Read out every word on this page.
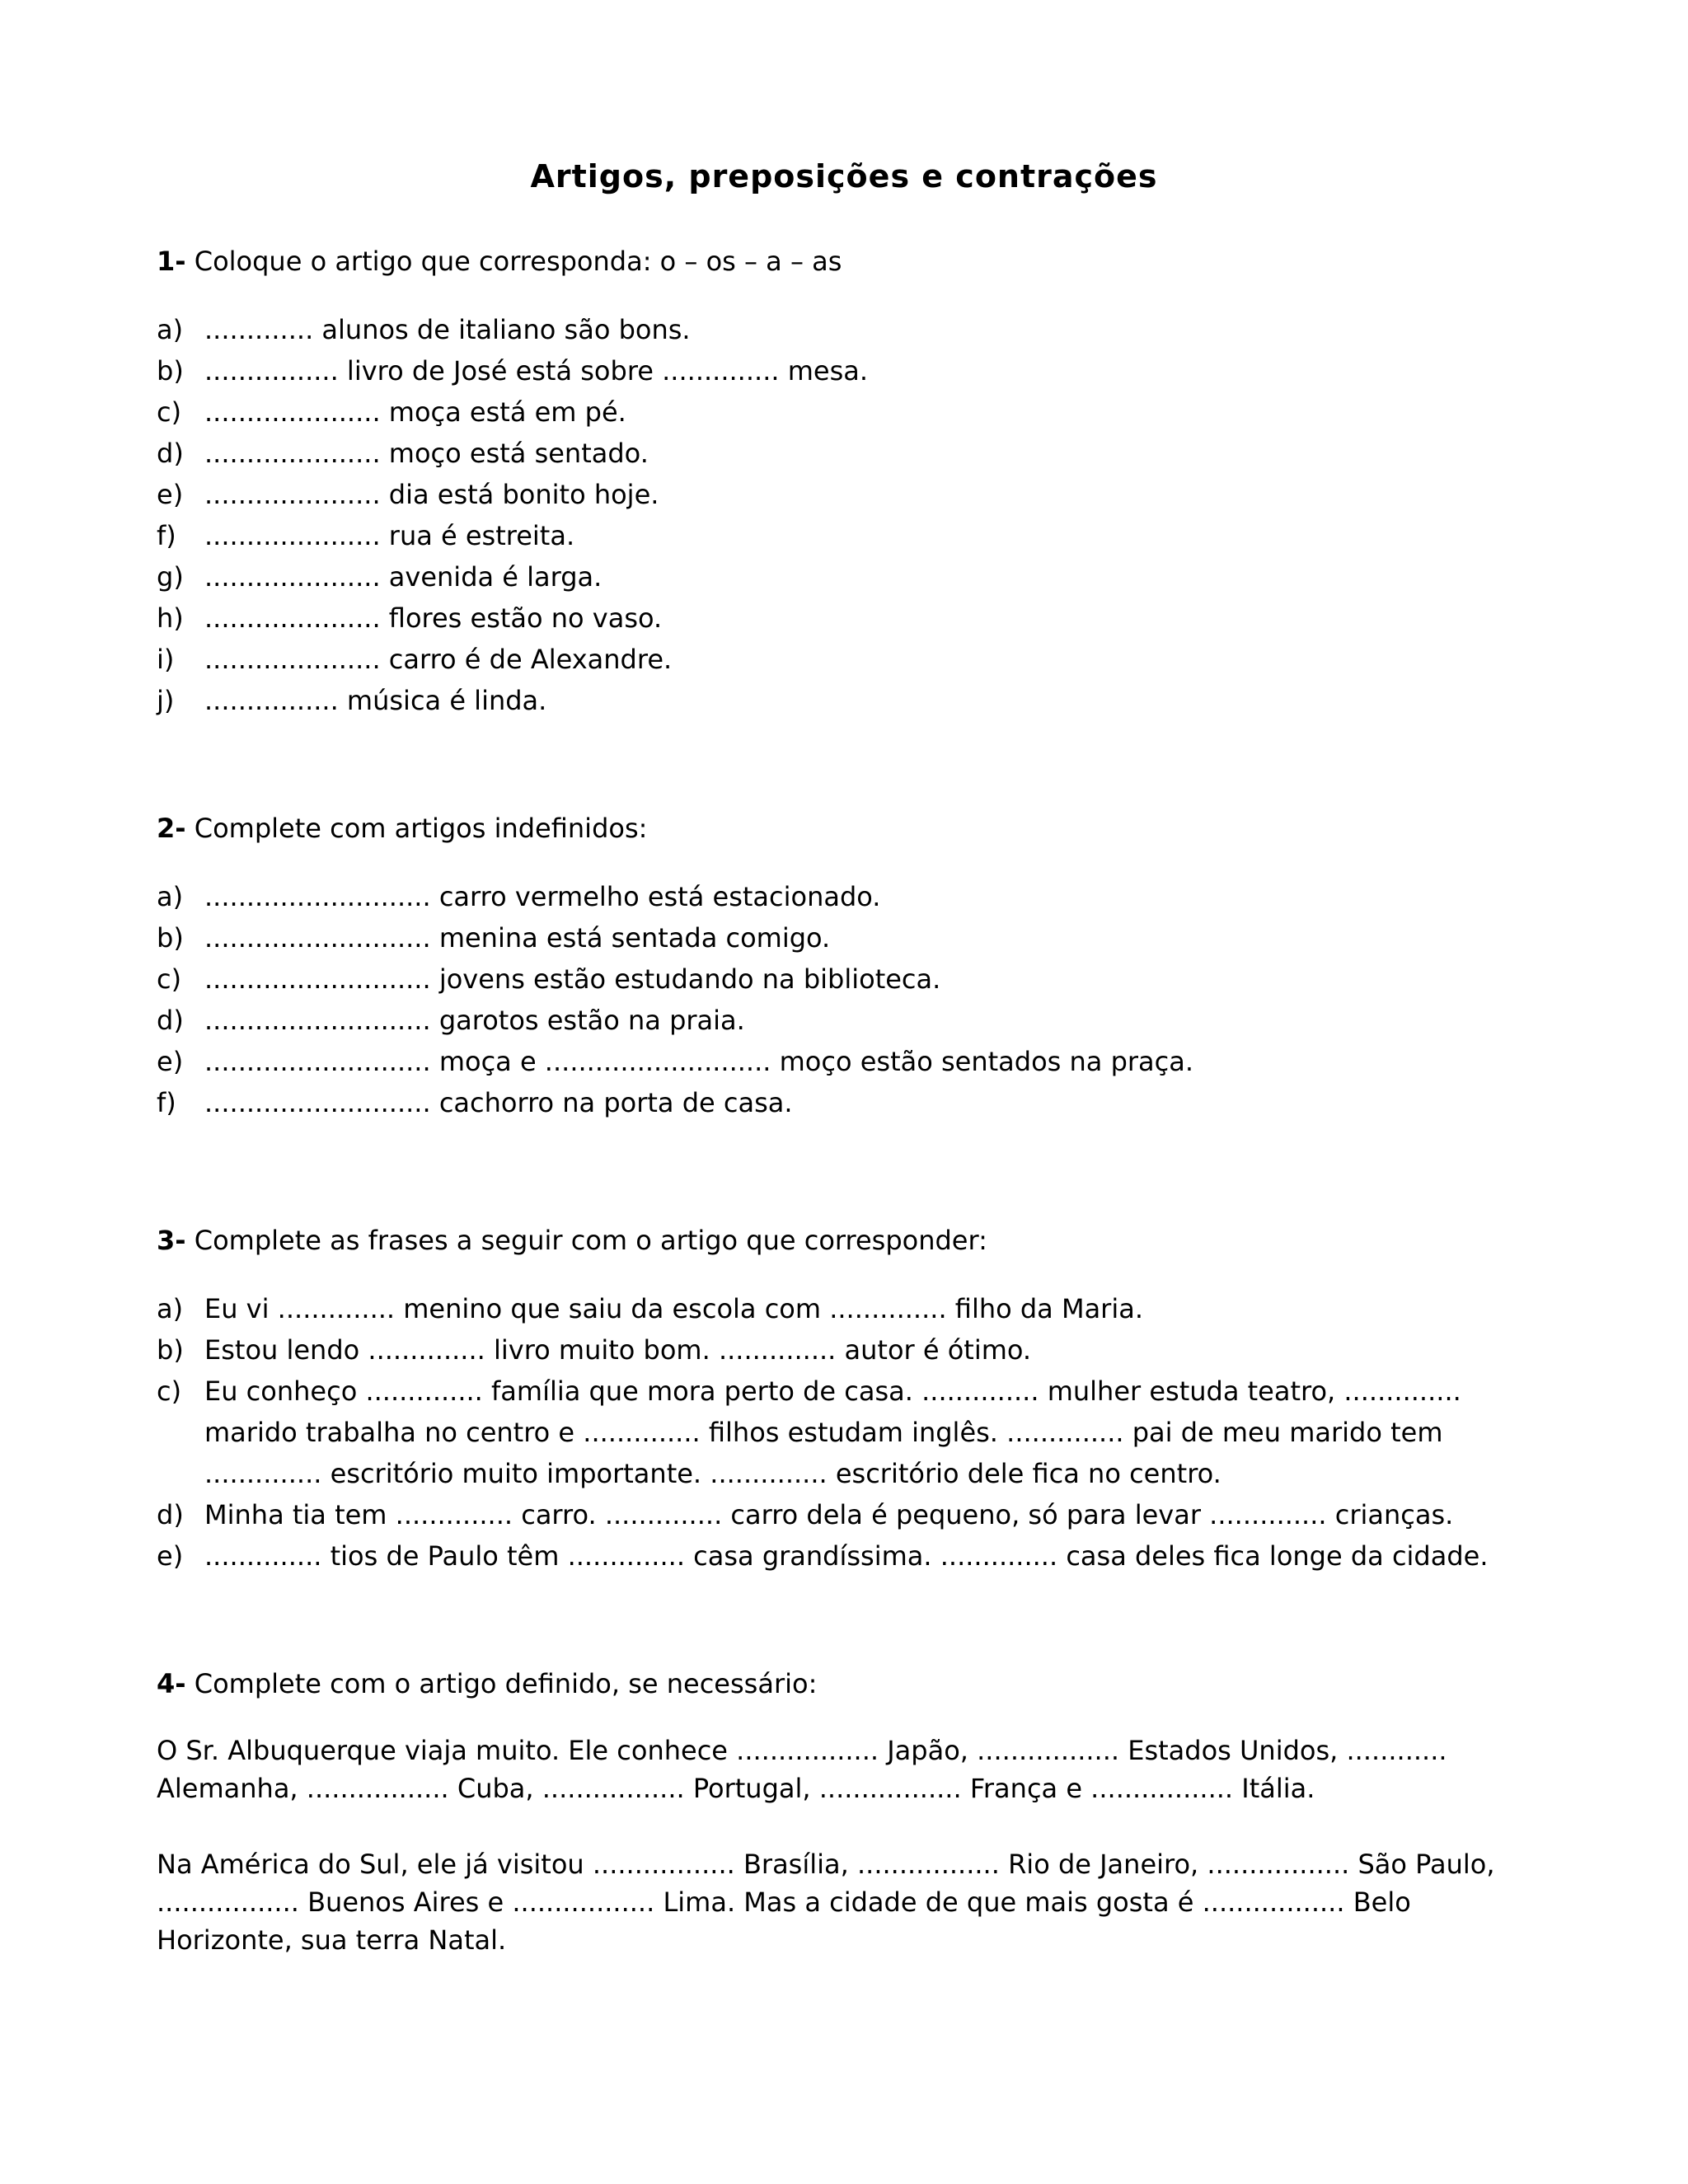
Artigos, preposições e contrações
1- Coloque o artigo que corresponda: o – os – a – as
a) ............. alunos de italiano são bons.
b) ................ livro de José está sobre .............. mesa.
c) ..................... moça está em pé.
d) ..................... moço está sentado.
e) ..................... dia está bonito hoje.
f) ..................... rua é estreita.
g) ..................... avenida é larga.
h) ..................... flores estão no vaso.
i) ..................... carro é de Alexandre.
j) ................ música é linda.
2- Complete com artigos indefinidos:
a) ........................... carro vermelho está estacionado.
b) ........................... menina está sentada comigo.
c) ........................... jovens estão estudando na biblioteca.
d) ........................... garotos estão na praia.
e) ........................... moça e ........................... moço estão sentados na praça.
f) ........................... cachorro na porta de casa.
3- Complete as frases a seguir com o artigo que corresponder:
a) Eu vi .............. menino que saiu da escola com .............. filho da Maria.
b) Estou lendo .............. livro muito bom. .............. autor é ótimo.
c) Eu conheço .............. família que mora perto de casa. .............. mulher estuda teatro, .............. marido trabalha no centro e .............. filhos estudam inglês. .............. pai de meu marido tem .............. escritório muito importante. .............. escritório dele fica no centro.
d) Minha tia tem .............. carro. .............. carro dela é pequeno, só para levar .............. crianças.
e) .............. tios de Paulo têm .............. casa grandíssima. .............. casa deles fica longe da cidade.
4- Complete com o artigo definido, se necessário:

O Sr. Albuquerque viaja muito. Ele conhece ................. Japão, ................. Estados Unidos, ............ Alemanha, ................. Cuba, ................. Portugal, ................. França e ................. Itália.

Na América do Sul, ele já visitou ................. Brasília, ................. Rio de Janeiro, ................. São Paulo, ................. Buenos Aires e ................. Lima. Mas a cidade de que mais gosta é ................. Belo Horizonte, sua terra Natal.
